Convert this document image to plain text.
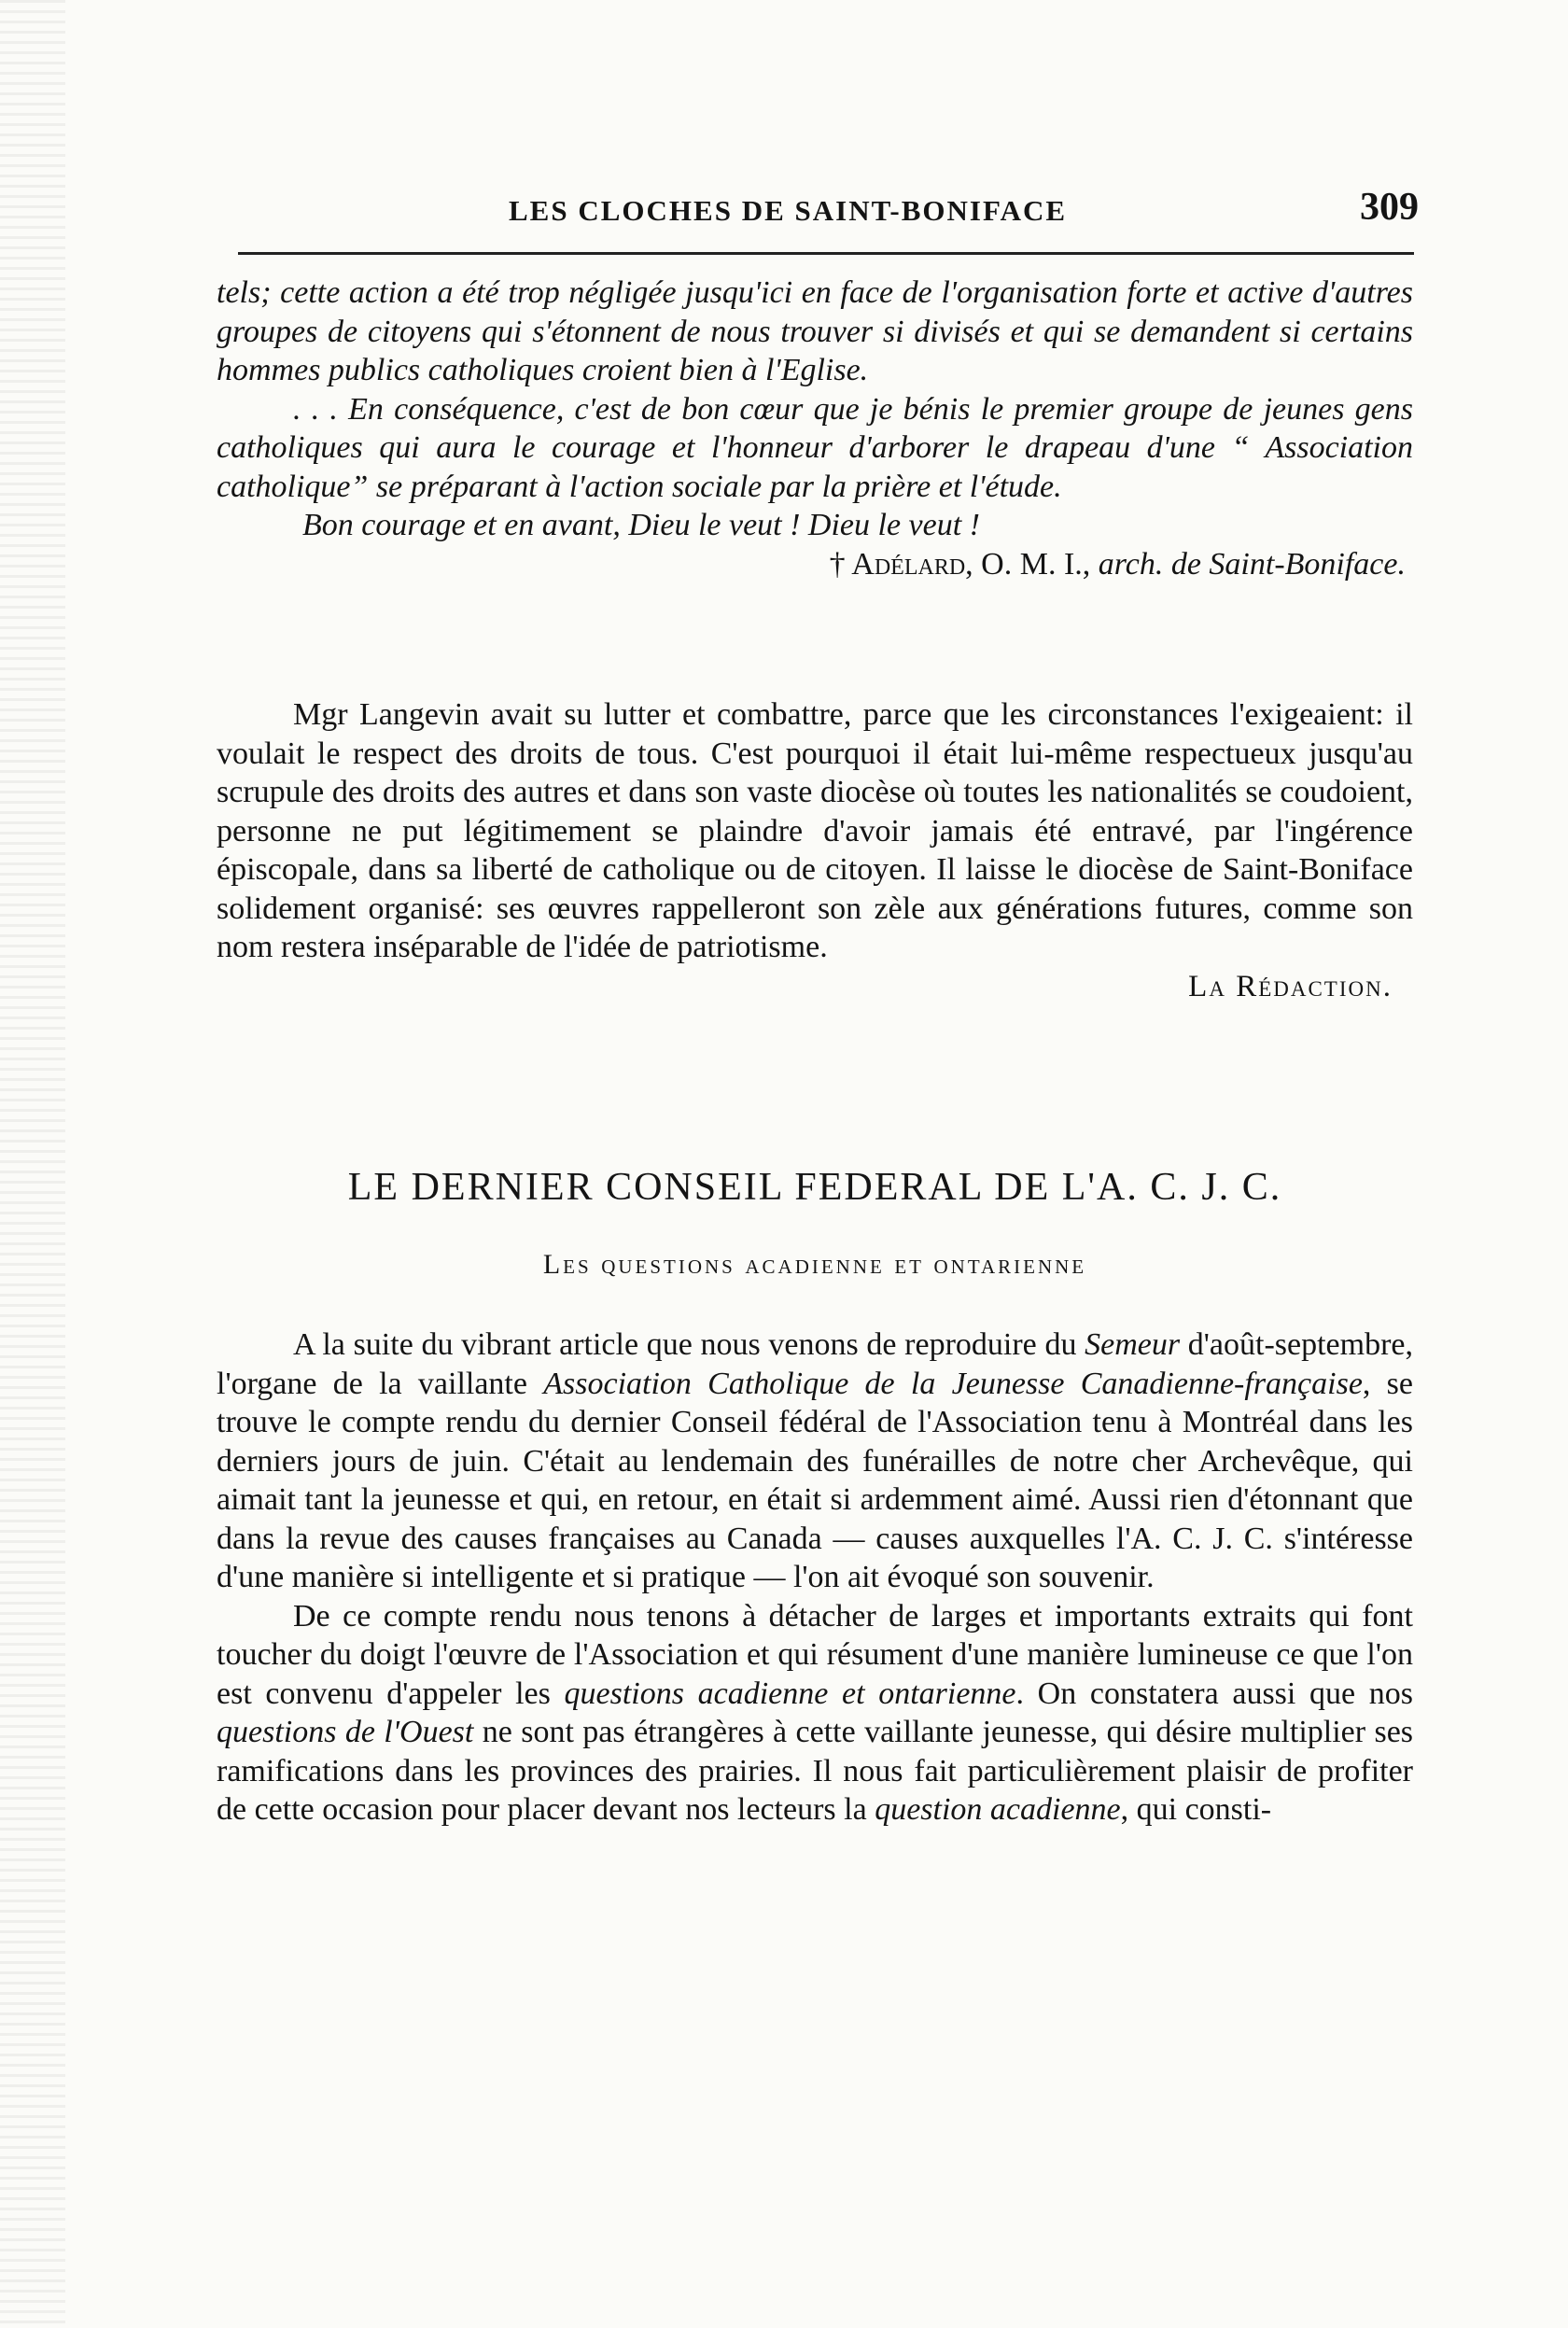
LES CLOCHES DE SAINT-BONIFACE	309

tels; cette action a été trop négligée jusqu'ici en face de l'organisation forte et active d'autres groupes de citoyens qui s'étonnent de nous trouver si divisés et qui se demandent si certains hommes publics catholiques croient bien à l'Eglise.

. . . En conséquence, c'est de bon cœur que je bénis le premier groupe de jeunes gens catholiques qui aura le courage et l'honneur d'arborer le drapeau d'une “ Association catholique” se préparant à l'action sociale par la prière et l'étude.

Bon courage et en avant, Dieu le veut ! Dieu le veut !

† Adélard, O. M. I., arch. de Saint-Boniface.

Mgr Langevin avait su lutter et combattre, parce que les circonstances l'exigeaient: il voulait le respect des droits de tous. C'est pourquoi il était lui-même respectueux jusqu'au scrupule des droits des autres et dans son vaste diocèse où toutes les nationalités se coudoient, personne ne put légitimement se plaindre d'avoir jamais été entravé, par l'ingérence épiscopale, dans sa liberté de catholique ou de citoyen. Il laisse le diocèse de Saint-Boniface solidement organisé: ses œuvres rappelleront son zèle aux générations futures, comme son nom restera inséparable de l'idée de patriotisme.

La Rédaction.

LE DERNIER CONSEIL FEDERAL DE L'A. C. J. C.
Les questions acadienne et ontarienne

A la suite du vibrant article que nous venons de reproduire du Semeur d'août-septembre, l'organe de la vaillante Association Catholique de la Jeunesse Canadienne-française, se trouve le compte rendu du dernier Conseil fédéral de l'Association tenu à Montréal dans les derniers jours de juin. C'était au lendemain des funérailles de notre cher Archevêque, qui aimait tant la jeunesse et qui, en retour, en était si ardemment aimé. Aussi rien d'étonnant que dans la revue des causes françaises au Canada — causes auxquelles l'A. C. J. C. s'intéresse d'une manière si intelligente et si pratique — l'on ait évoqué son souvenir.

De ce compte rendu nous tenons à détacher de larges et importants extraits qui font toucher du doigt l'œuvre de l'Association et qui résument d'une manière lumineuse ce que l'on est convenu d'appeler les questions acadienne et ontarienne. On constatera aussi que nos questions de l'Ouest ne sont pas étrangères à cette vaillante jeunesse, qui désire multiplier ses ramifications dans les provinces des prairies. Il nous fait particulièrement plaisir de profiter de cette occasion pour placer devant nos lecteurs la question acadienne, qui consti-
